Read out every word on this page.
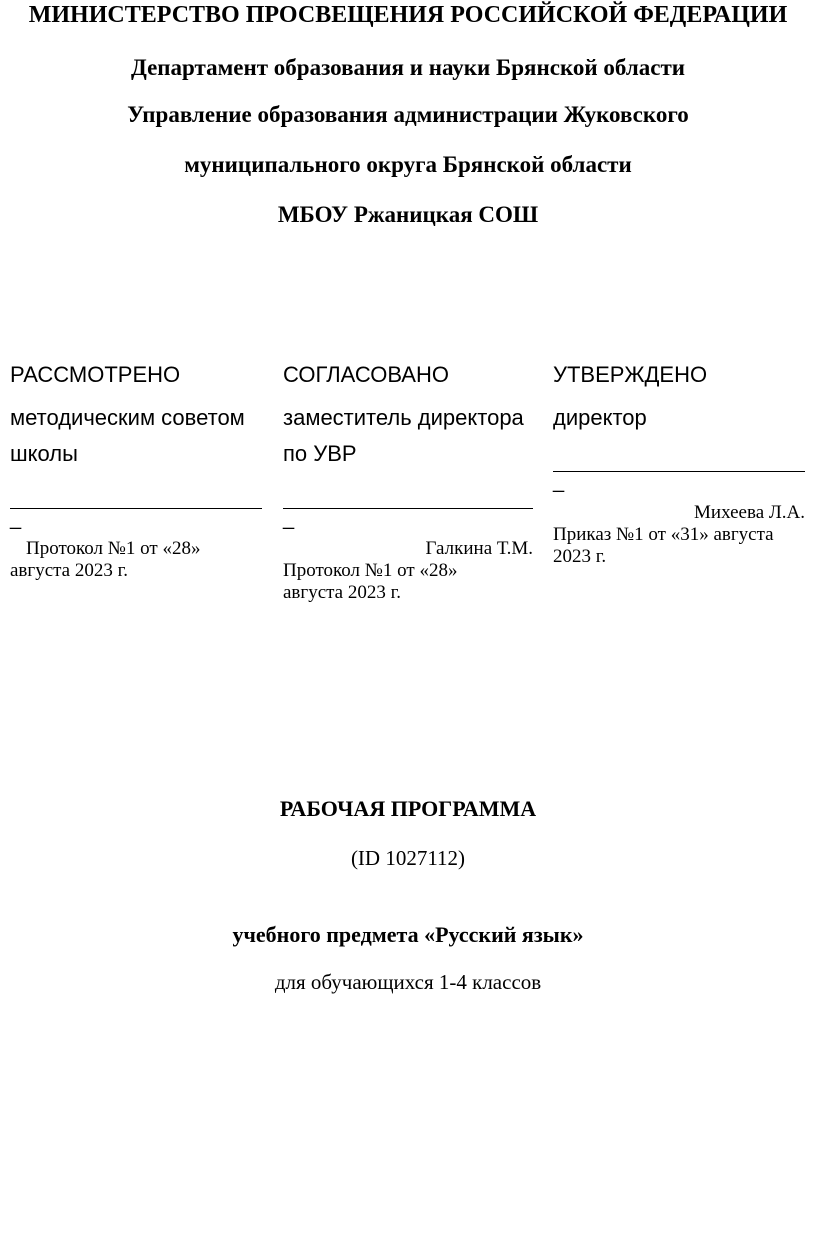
МИНИСТЕРСТВО ПРОСВЕЩЕНИЯ РОССИЙСКОЙ ФЕДЕРАЦИИ
Департамент образования и науки Брянской области
Управление образования администрации Жуковского
муниципального округа Брянской области
МБОУ Ржаницкая СОШ
РАССМОТРЕНО
методическим советом
школы
_
Протокол №1 от «28»
августа 2023 г.
СОГЛАСОВАНО
заместитель директора
по УВР
_
Галкина Т.М.
Протокол №1 от «28»
августа 2023 г.
УТВЕРЖДЕНО
директор
_
Михеева Л.А.
Приказ №1 от «31» августа
2023 г.
РАБОЧАЯ ПРОГРАММА
(ID 1027112)
учебного предмета «Русский язык»
для обучающихся 1-4 классов
